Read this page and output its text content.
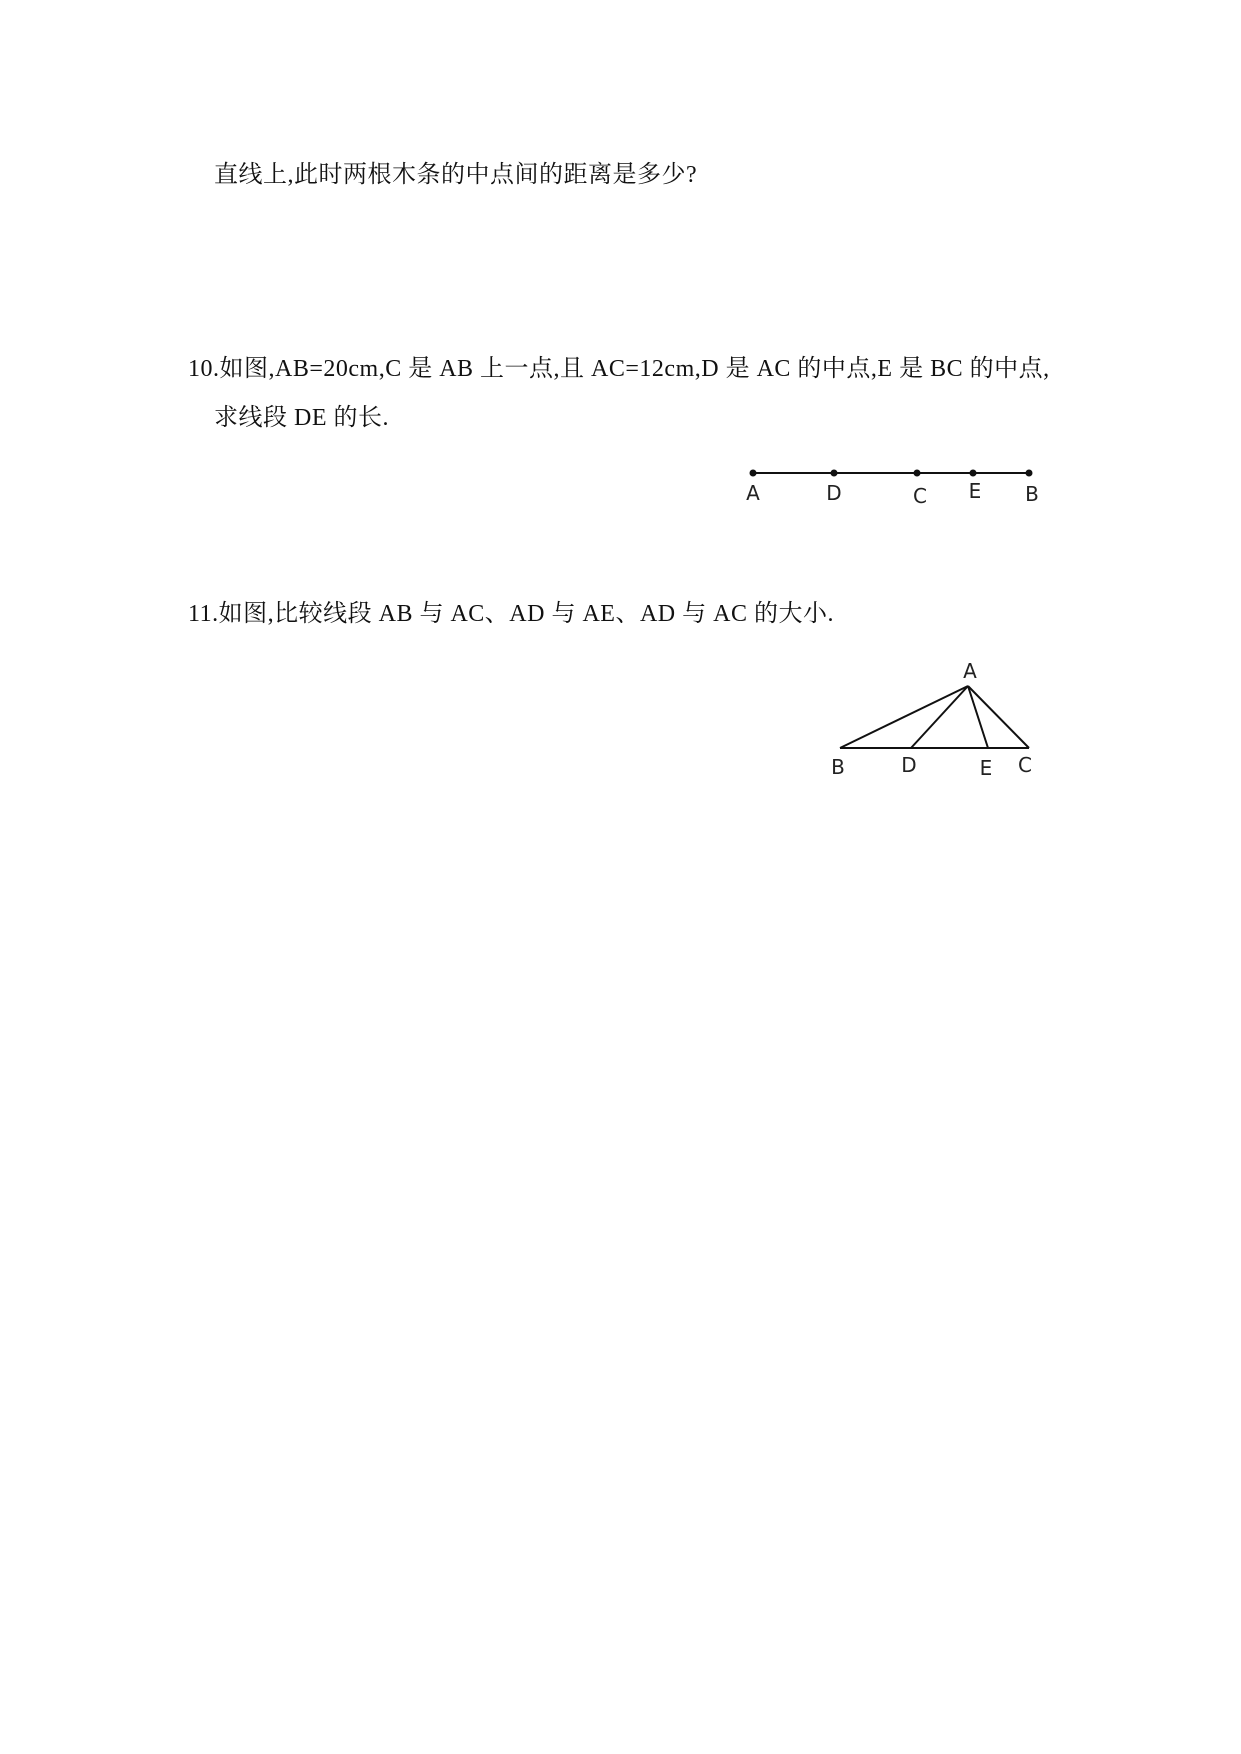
直线上,此时两根木条的中点间的距离是多少?
10.如图,AB=20cm,C 是 AB 上一点,且 AC=12cm,D 是 AC 的中点,E 是 BC 的中点,
求线段 DE 的长.
A	D	C E B
11.如图,比较线段 AB 与 AC、AD 与 AE、AD 与 AC 的大小.
A
B	D	E C
